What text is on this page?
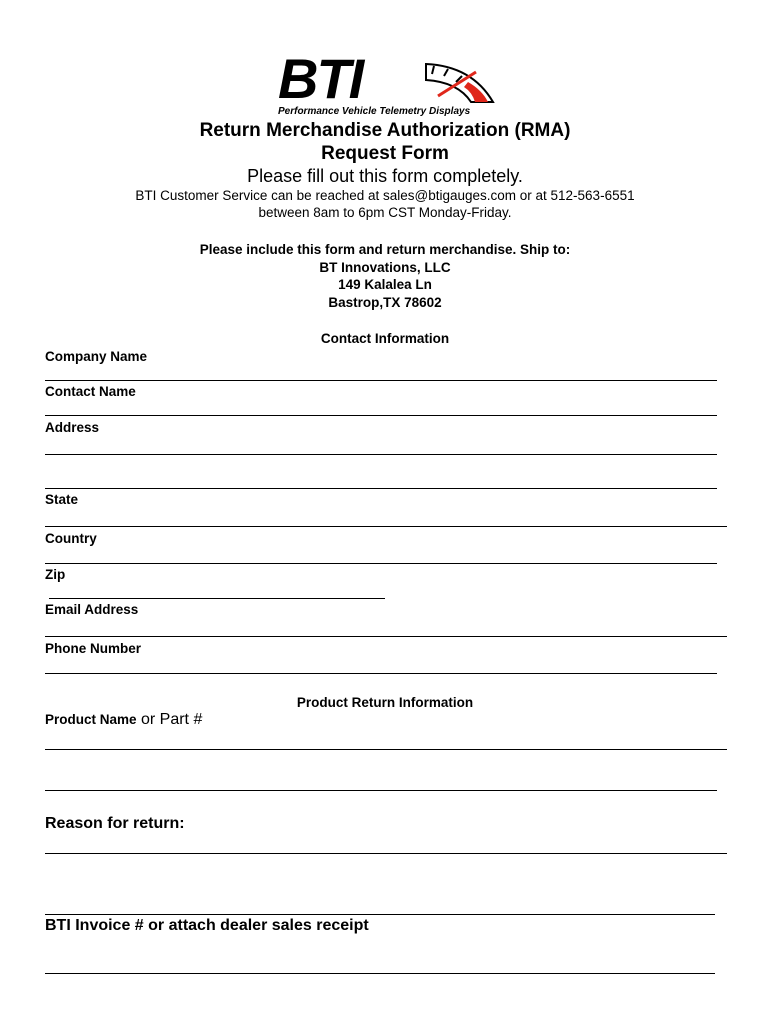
BTI
Performance Vehicle Telemetry Displays
Return Merchandise Authorization (RMA)
Request Form
Please fill out this form completely.
BTI Customer Service can be reached at sales@btigauges.com or at 512-563-6551
between 8am to 6pm CST Monday-Friday.
Please include this form and return merchandise. Ship to:
BT Innovations, LLC
149 Kalalea Ln
Bastrop,TX 78602
Contact Information
Company Name
Contact Name
Address
State
Country
Zip
Email Address
Phone Number
Product Return Information
Product Name or Part #
Reason for return:
BTI Invoice # or attach dealer sales receipt
